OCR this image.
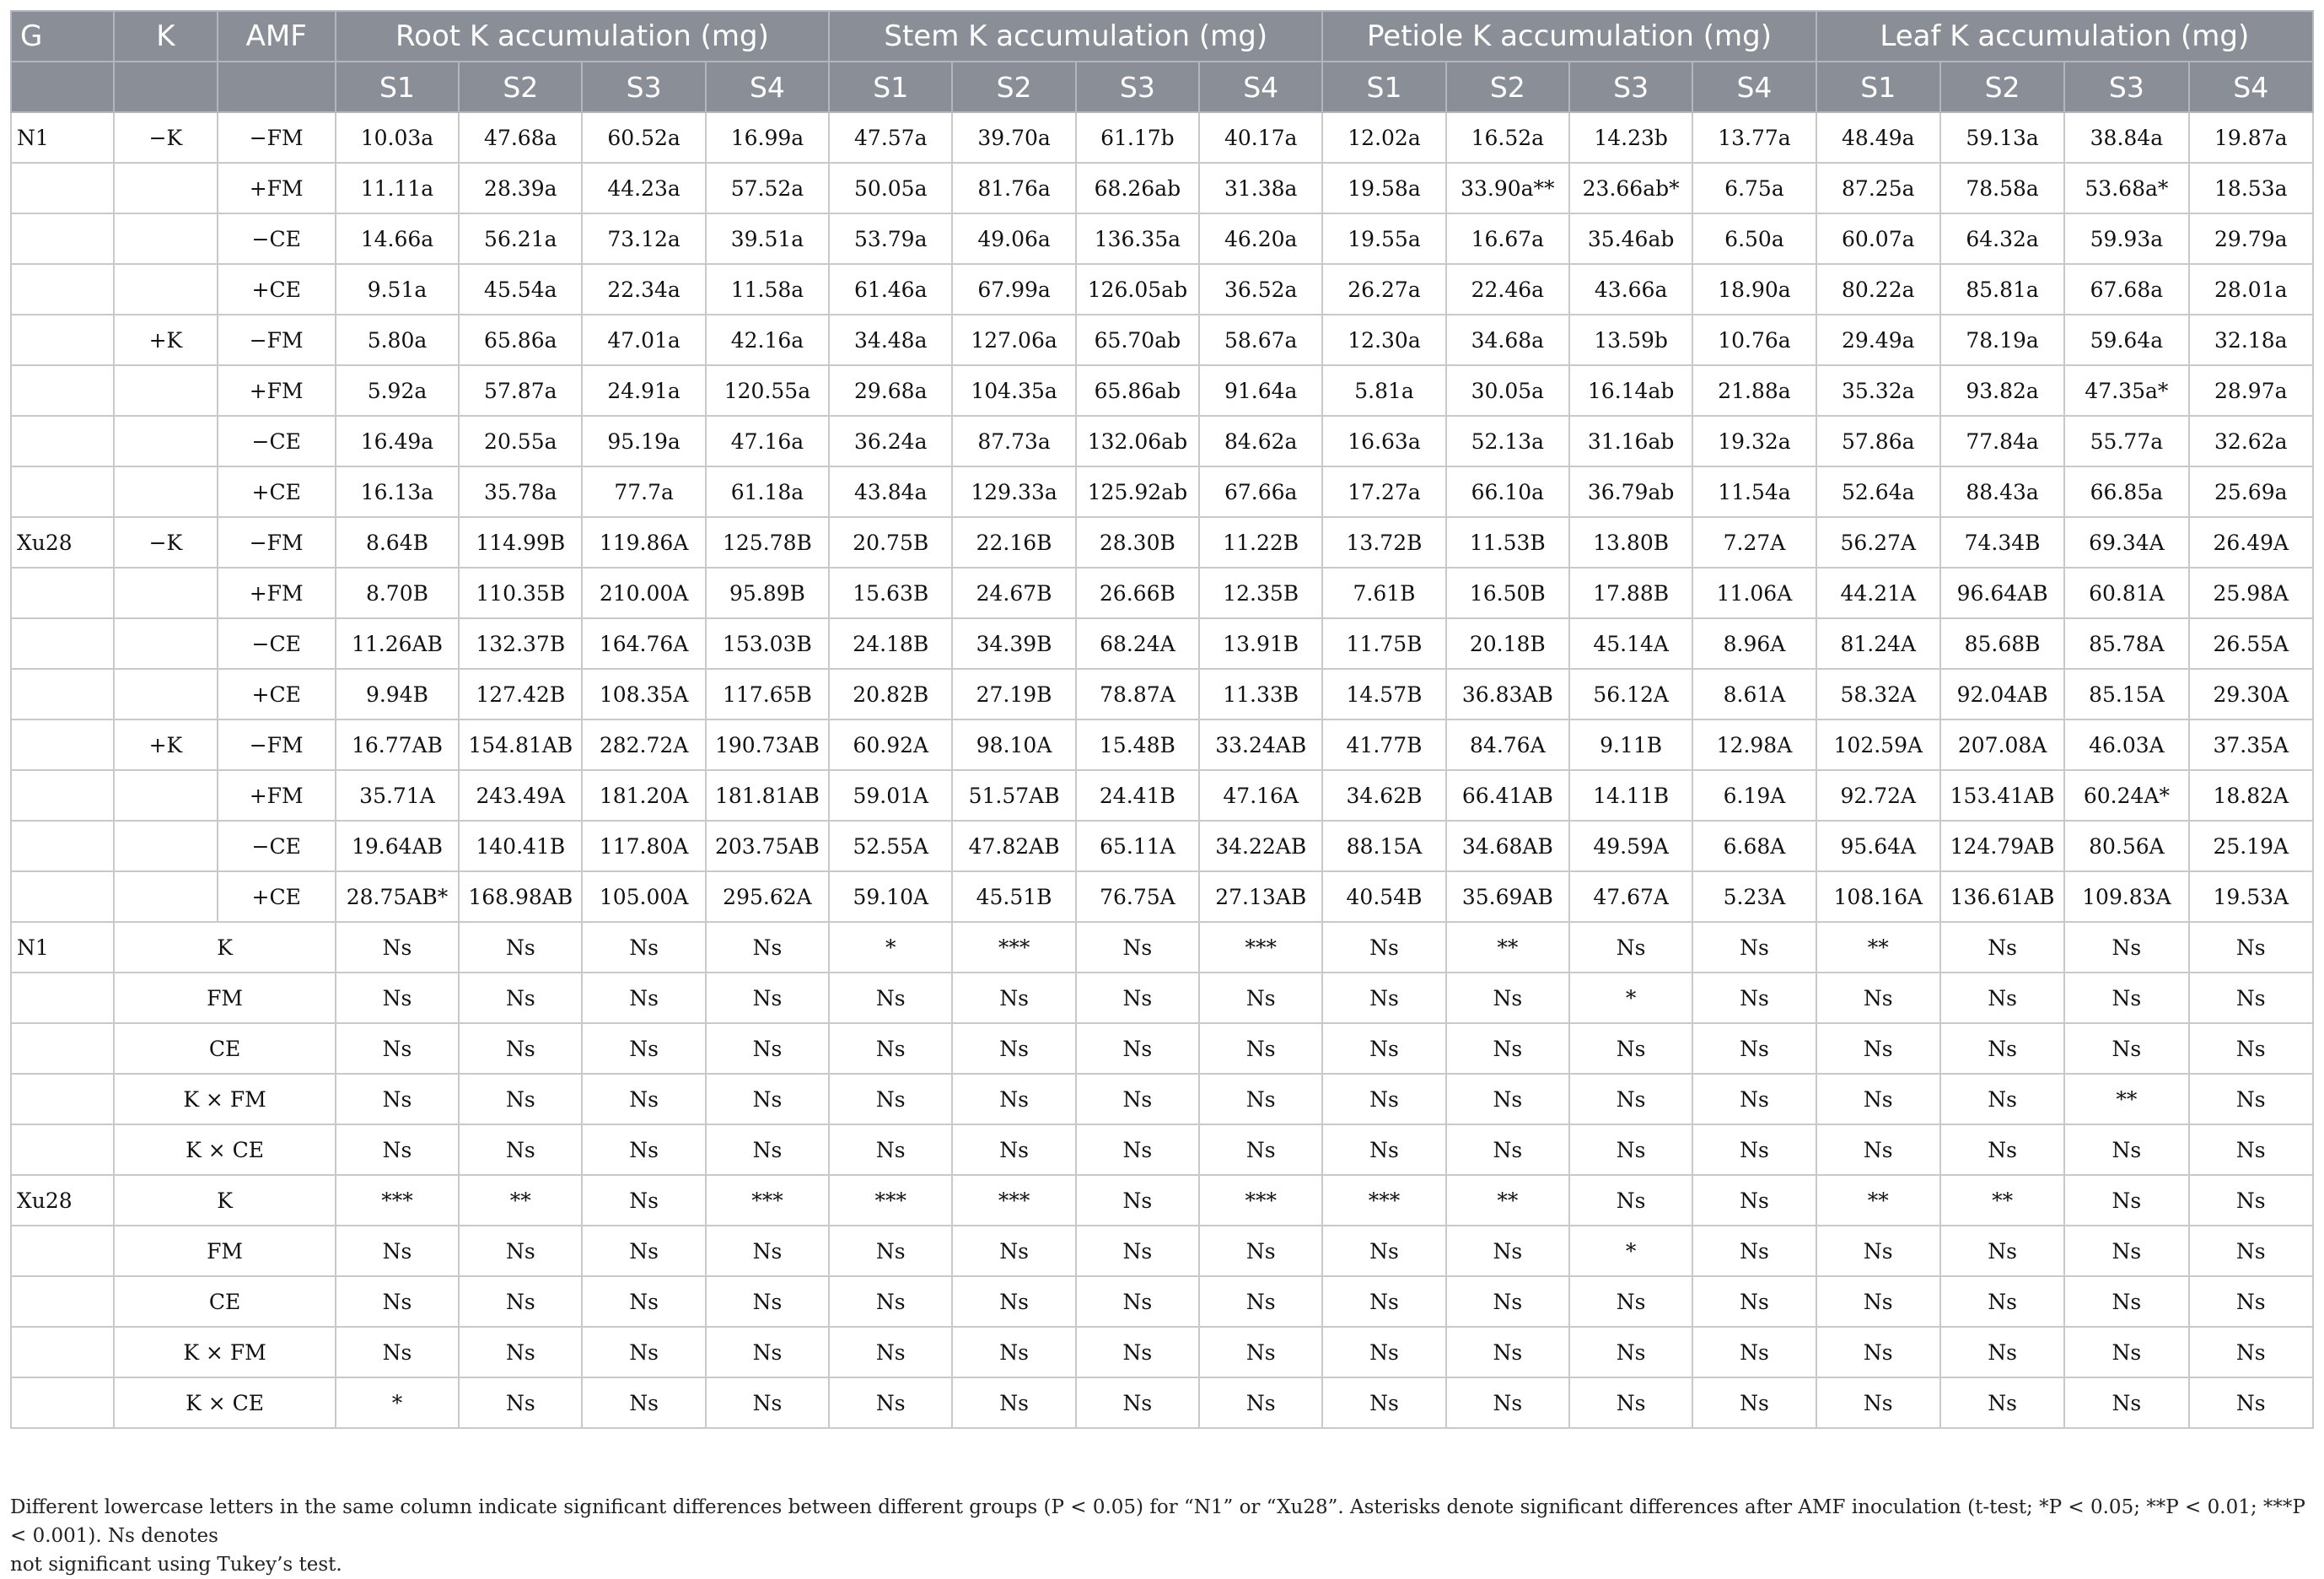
G	K	AMF	Root K accumulation (mg)				Stem K accumulation (mg)				Petiole K accumulation (mg)				Leaf K accumulation (mg)			
			S1	S2	S3	S4	S1	S2	S3	S4	S1	S2	S3	S4	S1	S2	S3	S4
N1	−K	−FM	10.03a	47.68a	60.52a	16.99a	47.57a	39.70a	61.17b	40.17a	12.02a	16.52a	14.23b	13.77a	48.49a	59.13a	38.84a	19.87a
		+FM	11.11a	28.39a	44.23a	57.52a	50.05a	81.76a	68.26ab	31.38a	19.58a	33.90a**	23.66ab*	6.75a	87.25a	78.58a	53.68a*	18.53a
		−CE	14.66a	56.21a	73.12a	39.51a	53.79a	49.06a	136.35a	46.20a	19.55a	16.67a	35.46ab	6.50a	60.07a	64.32a	59.93a	29.79a
		+CE	9.51a	45.54a	22.34a	11.58a	61.46a	67.99a	126.05ab	36.52a	26.27a	22.46a	43.66a	18.90a	80.22a	85.81a	67.68a	28.01a
	+K	−FM	5.80a	65.86a	47.01a	42.16a	34.48a	127.06a	65.70ab	58.67a	12.30a	34.68a	13.59b	10.76a	29.49a	78.19a	59.64a	32.18a
		+FM	5.92a	57.87a	24.91a	120.55a	29.68a	104.35a	65.86ab	91.64a	5.81a	30.05a	16.14ab	21.88a	35.32a	93.82a	47.35a*	28.97a
		−CE	16.49a	20.55a	95.19a	47.16a	36.24a	87.73a	132.06ab	84.62a	16.63a	52.13a	31.16ab	19.32a	57.86a	77.84a	55.77a	32.62a
		+CE	16.13a	35.78a	77.7a	61.18a	43.84a	129.33a	125.92ab	67.66a	17.27a	66.10a	36.79ab	11.54a	52.64a	88.43a	66.85a	25.69a
Xu28	−K	−FM	8.64B	114.99B	119.86A	125.78B	20.75B	22.16B	28.30B	11.22B	13.72B	11.53B	13.80B	7.27A	56.27A	74.34B	69.34A	26.49A
		+FM	8.70B	110.35B	210.00A	95.89B	15.63B	24.67B	26.66B	12.35B	7.61B	16.50B	17.88B	11.06A	44.21A	96.64AB	60.81A	25.98A
		−CE	11.26AB	132.37B	164.76A	153.03B	24.18B	34.39B	68.24A	13.91B	11.75B	20.18B	45.14A	8.96A	81.24A	85.68B	85.78A	26.55A
		+CE	9.94B	127.42B	108.35A	117.65B	20.82B	27.19B	78.87A	11.33B	14.57B	36.83AB	56.12A	8.61A	58.32A	92.04AB	85.15A	29.30A
	+K	−FM	16.77AB	154.81AB	282.72A	190.73AB	60.92A	98.10A	15.48B	33.24AB	41.77B	84.76A	9.11B	12.98A	102.59A	207.08A	46.03A	37.35A
		+FM	35.71A	243.49A	181.20A	181.81AB	59.01A	51.57AB	24.41B	47.16A	34.62B	66.41AB	14.11B	6.19A	92.72A	153.41AB	60.24A*	18.82A
		−CE	19.64AB	140.41B	117.80A	203.75AB	52.55A	47.82AB	65.11A	34.22AB	88.15A	34.68AB	49.59A	6.68A	95.64A	124.79AB	80.56A	25.19A
		+CE	28.75AB*	168.98AB	105.00A	295.62A	59.10A	45.51B	76.75A	27.13AB	40.54B	35.69AB	47.67A	5.23A	108.16A	136.61AB	109.83A	19.53A
N1	K		Ns	Ns	Ns	Ns	*	***	Ns	***	Ns	**	Ns	Ns	**	Ns	Ns	Ns
	FM		Ns	Ns	Ns	Ns	Ns	Ns	Ns	Ns	Ns	Ns	*	Ns	Ns	Ns	Ns	Ns
	CE		Ns	Ns	Ns	Ns	Ns	Ns	Ns	Ns	Ns	Ns	Ns	Ns	Ns	Ns	Ns	Ns
	K × FM		Ns	Ns	Ns	Ns	Ns	Ns	Ns	Ns	Ns	Ns	Ns	Ns	Ns	Ns	**	Ns
	K × CE		Ns	Ns	Ns	Ns	Ns	Ns	Ns	Ns	Ns	Ns	Ns	Ns	Ns	Ns	Ns	Ns
Xu28	K		***	**	Ns	***	***	***	Ns	***	***	**	Ns	Ns	**	**	Ns	Ns
	FM		Ns	Ns	Ns	Ns	Ns	Ns	Ns	Ns	Ns	Ns	*	Ns	Ns	Ns	Ns	Ns
	CE		Ns	Ns	Ns	Ns	Ns	Ns	Ns	Ns	Ns	Ns	Ns	Ns	Ns	Ns	Ns	Ns
	K × FM		Ns	Ns	Ns	Ns	Ns	Ns	Ns	Ns	Ns	Ns	Ns	Ns	Ns	Ns	Ns	Ns
	K × CE		*	Ns	Ns	Ns	Ns	Ns	Ns	Ns	Ns	Ns	Ns	Ns	Ns	Ns	Ns	Ns
Different lowercase letters in the same column indicate significant differences between different groups (P < 0.05) for “N1” or “Xu28”. Asterisks denote significant differences after AMF inoculation (t-test; *P < 0.05; **P < 0.01; ***P < 0.001). Ns denotes
not significant using Tukey’s test.
